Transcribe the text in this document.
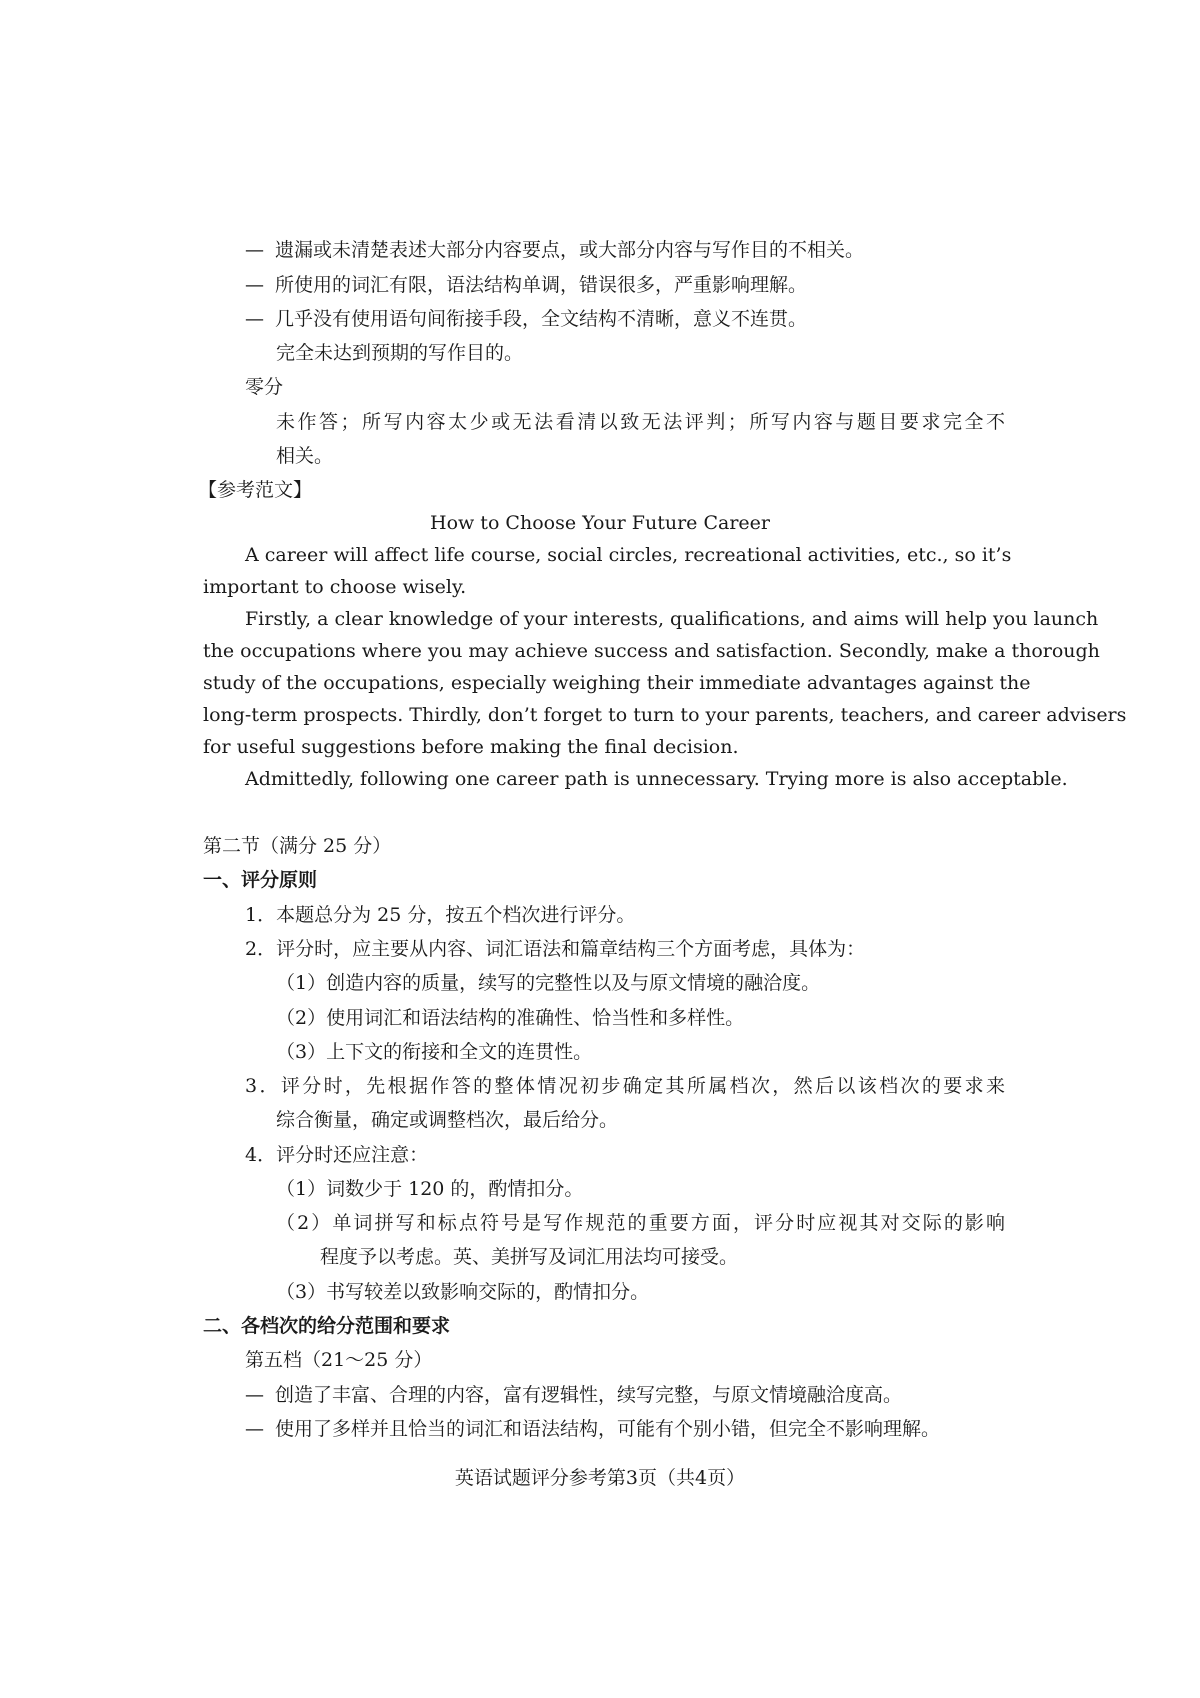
— 遗漏或未清楚表述大部分内容要点，或大部分内容与写作目的不相关。
— 所使用的词汇有限，语法结构单调，错误很多，严重影响理解。
— 几乎没有使用语句间衔接手段，全文结构不清晰，意义不连贯。
完全未达到预期的写作目的。
零分
未作答；所写内容太少或无法看清以致无法评判；所写内容与题目要求完全不
相关。
【参考范文】
How to Choose Your Future Career
A career will affect life course, social circles, recreational activities, etc., so it’s
important to choose wisely.
Firstly, a clear knowledge of your interests, qualifications, and aims will help you launch
the occupations where you may achieve success and satisfaction. Secondly, make a thorough
study of the occupations, especially weighing their immediate advantages against the
long-term prospects. Thirdly, don’t forget to turn to your parents, teachers, and career advisers
for useful suggestions before making the final decision.
Admittedly, following one career path is unnecessary. Trying more is also acceptable.
第二节（满分 25 分）
一、评分原则
1．本题总分为 25 分，按五个档次进行评分。
2．评分时，应主要从内容、词汇语法和篇章结构三个方面考虑，具体为：
（1）创造内容的质量，续写的完整性以及与原文情境的融洽度。
（2）使用词汇和语法结构的准确性、恰当性和多样性。
（3）上下文的衔接和全文的连贯性。
3．评分时，先根据作答的整体情况初步确定其所属档次，然后以该档次的要求来
综合衡量，确定或调整档次，最后给分。
4．评分时还应注意：
（1）词数少于 120 的，酌情扣分。
（2）单词拼写和标点符号是写作规范的重要方面，评分时应视其对交际的影响
程度予以考虑。英、美拼写及词汇用法均可接受。
（3）书写较差以致影响交际的，酌情扣分。
二、各档次的给分范围和要求
第五档（21～25 分）
— 创造了丰富、合理的内容，富有逻辑性，续写完整，与原文情境融洽度高。
— 使用了多样并且恰当的词汇和语法结构，可能有个别小错，但完全不影响理解。
英语试题评分参考第3页（共4页）
